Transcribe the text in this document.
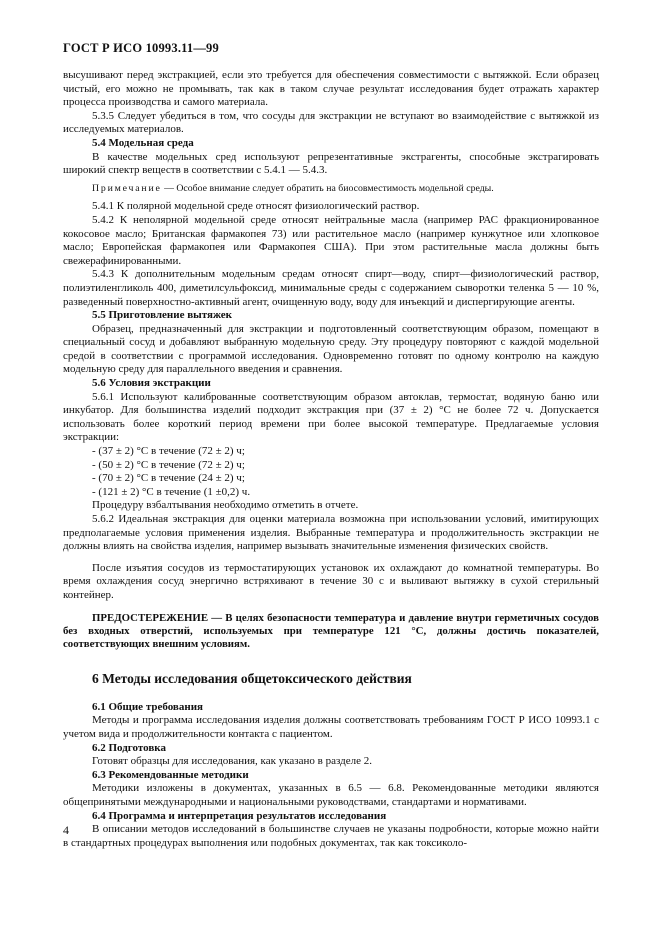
ГОСТ Р ИСО 10993.11—99

высушивают перед экстракцией, если это требуется для обеспечения совместимости с вытяжкой. Если образец чистый, его можно не промывать, так как в таком случае результат исследования будет отражать характер процесса производства и самого материала.

5.3.5 Следует убедиться в том, что сосуды для экстракции не вступают во взаимодействие с вытяжкой из исследуемых материалов.

5.4 Модельная среда

В качестве модельных сред используют репрезентативные экстрагенты, способные экстрагировать широкий спектр веществ в соответствии с 5.4.1 — 5.4.3.

Примечание — Особое внимание следует обратить на биосовместимость модельной среды.

5.4.1 К полярной модельной среде относят физиологический раствор.

5.4.2 К неполярной модельной среде относят нейтральные масла (например РАС фракционированное кокосовое масло; Британская фармакопея 73) или растительное масло (например кунжутное или хлопковое масло; Европейская фармакопея или Фармакопея США). При этом растительные масла должны быть свежерафинированными.

5.4.3 К дополнительным модельным средам относят спирт—воду, спирт—физиологический раствор, полиэтиленгликоль 400, диметилсульфоксид, минимальные среды с содержанием сыворотки теленка 5 — 10 %, разведенный поверхностно-активный агент, очищенную воду, воду для инъекций и диспергирующие агенты.

5.5 Приготовление вытяжек

Образец, предназначенный для экстракции и подготовленный соответствующим образом, помещают в специальный сосуд и добавляют выбранную модельную среду. Эту процедуру повторяют с каждой модельной средой в соответствии с программой исследования. Одновременно готовят по одному контролю на каждую модельную среду для параллельного введения и сравнения.

5.6 Условия экстракции

5.6.1 Используют калиброванные соответствующим образом автоклав, термостат, водяную баню или инкубатор. Для большинства изделий подходит экстракция при (37 ± 2) °С не более 72 ч. Допускается использовать более короткий период времени при более высокой температуре. Предлагаемые условия экстракции:

- (37 ± 2) °С в течение (72 ± 2) ч;

- (50 ± 2) °С в течение (72 ± 2) ч;

- (70 ± 2) °С в течение (24 ± 2) ч;

- (121 ± 2) °С в течение (1 ±0,2) ч.

Процедуру взбалтывания необходимо отметить в отчете.

5.6.2 Идеальная экстракция для оценки материала возможна при использовании условий, имитирующих предполагаемые условия применения изделия. Выбранные температура и продолжительность экстракции не должны влиять на свойства изделия, например вызывать значительные изменения физических свойств.

После изъятия сосудов из термостатирующих установок их охлаждают до комнатной температуры. Во время охлаждения сосуд энергично встряхивают в течение 30 с и выливают вытяжку в сухой стерильный контейнер.

ПРЕДОСТЕРЕЖЕНИЕ — В целях безопасности температура и давление внутри герметичных сосудов без входных отверстий, используемых при температуре 121 °С, должны достичь показателей, соответствующих внешним условиям.

6 Методы исследования общетоксического действия

6.1 Общие требования

Методы и программа исследования изделия должны соответствовать требованиям ГОСТ Р ИСО 10993.1 с учетом вида и продолжительности контакта с пациентом.

6.2 Подготовка

Готовят образцы для исследования, как указано в разделе 2.

6.3 Рекомендованные методики

Методики изложены в документах, указанных в 6.5 — 6.8. Рекомендованные методики являются общепринятыми международными и национальными руководствами, стандартами и нормативами.

6.4 Программа и интерпретация результатов исследования

В описании методов исследований в большинстве случаев не указаны подробности, которые можно найти в стандартных процедурах выполнения или подобных документах, так как токсиколо-

4
